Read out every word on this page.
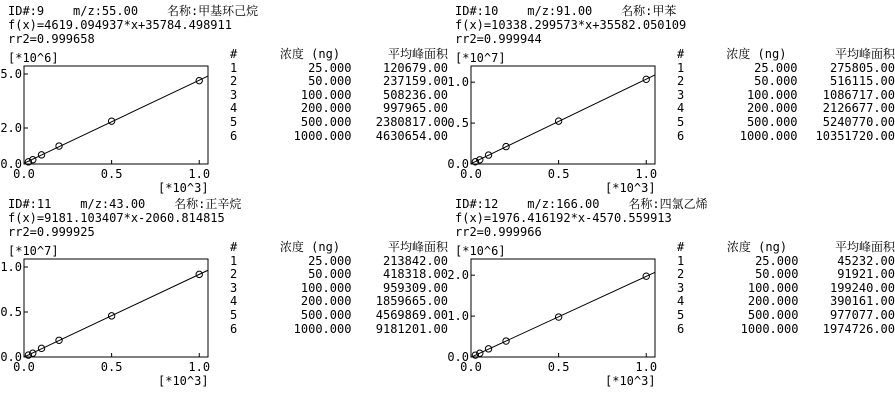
ID#:9    m/z:55.00    名称:甲基环己烷
f(x)=4619.094937*x+35784.498911
rr2=0.999658
[*10^6]
0.0
2.0
5.0
0.0	0.5	1.0
[*10^3]
#	浓度 (ng)	平均峰面积
1	25.000	120679.00
2	50.000	237159.00
3	100.000	508236.00
4	200.000	997965.00
5	500.000	2380817.00
6	1000.000	4630654.00
ID#:10    m/z:91.00    名称:甲苯
f(x)=10338.299573*x+35582.050109
rr2=0.999944
[*10^7]
0.0
0.5
1.0
0.0	0.5	1.0
[*10^3]
#	浓度 (ng)	平均峰面积
1	25.000	275805.00
2	50.000	516115.00
3	100.000	1086717.00
4	200.000	2126677.00
5	500.000	5240770.00
6	1000.000	10351720.00
ID#:11    m/z:43.00    名称:正辛烷
f(x)=9181.103407*x-2060.814815
rr2=0.999925
[*10^7]
0.0
0.5
1.0
0.0	0.5	1.0
[*10^3]
#	浓度 (ng)	平均峰面积
1	25.000	213842.00
2	50.000	418318.00
3	100.000	959309.00
4	200.000	1859665.00
5	500.000	4569869.00
6	1000.000	9181201.00
ID#:12    m/z:166.00    名称:四氯乙烯
f(x)=1976.416192*x-4570.559913
rr2=0.999966
[*10^6]
0.0
1.0
2.0
0.0	0.5	1.0
[*10^3]
#	浓度 (ng)	平均峰面积
1	25.000	45232.00
2	50.000	91921.00
3	100.000	199240.00
4	200.000	390161.00
5	500.000	977077.00
6	1000.000	1974726.00
